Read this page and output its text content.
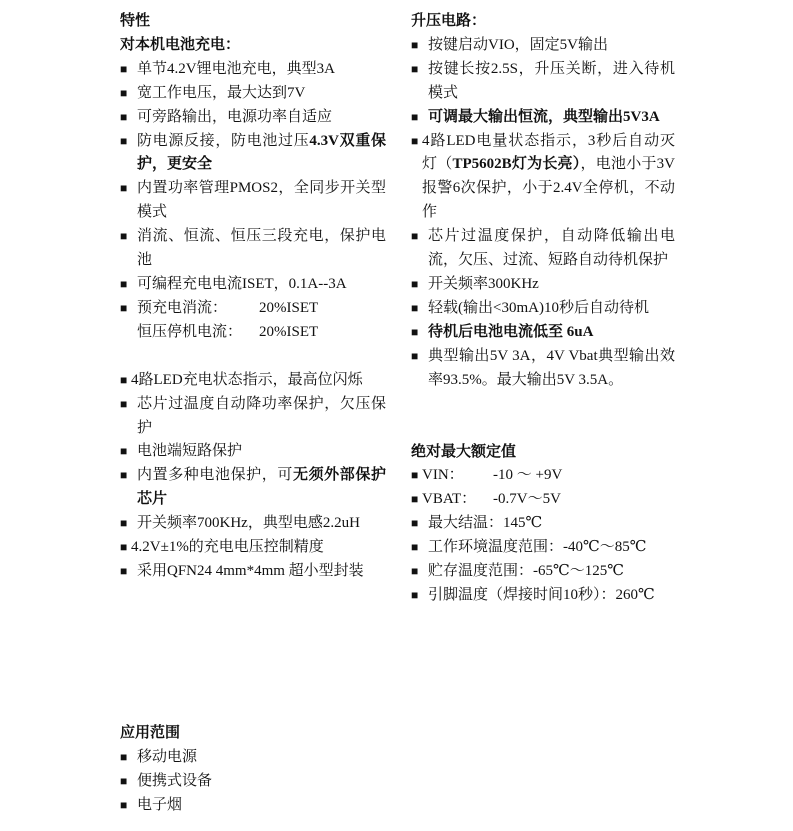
特性
对本机电池充电：
■ 单节4.2V锂电池充电，典型3A
■ 宽工作电压，最大达到7V
■ 可旁路输出，电源功率自适应
■ 防电源反接，防电池过压4.3V双重保护，更安全
■ 内置功率管理PMOS2，全同步开关型模式
■ 消流、恒流、恒压三段充电，保护电池
■ 可编程充电电流ISET，0.1A--3A
■ 预充电消流： 20%ISET
恒压停机电流： 20%ISET
■ 4路LED充电状态指示，最高位闪烁
■ 芯片过温度自动降功率保护，欠压保护
■ 电池端短路保护
■ 内置多种电池保护，可无须外部保护芯片
■ 开关频率700KHz，典型电感2.2uH
■ 4.2V±1%的充电电压控制精度
■ 采用QFN24 4mm*4mm 超小型封装
升压电路：
■ 按键启动VIO，固定5V输出
■ 按键长按2.5S，升压关断，进入待机模式
■ 可调最大输出恒流，典型输出5V3A
■ 4路LED电量状态指示，3秒后自动灭灯（TP5602B灯为长亮），电池小于3V报警6次保护，小于2.4V全停机，不动作
■ 芯片过温度保护，自动降低输出电流，欠压、过流、短路自动待机保护
■ 开关频率300KHz
■ 轻载(输出<30mA)10秒后自动待机
■ 待机后电池电流低至 6uA
■ 典型输出5V 3A，4V Vbat典型输出效率93.5%。最大输出5V 3.5A。
绝对最大额定值
■ VIN： -10 ～ +9V
■ VBAT： -0.7V～5V
■ 最大结温：145℃
■ 工作环境温度范围：-40℃～85℃
■ 贮存温度范围：-65℃～125℃
■ 引脚温度（焊接时间10秒）：260℃
应用范围
■ 移动电源
■ 便携式设备
■ 电子烟
